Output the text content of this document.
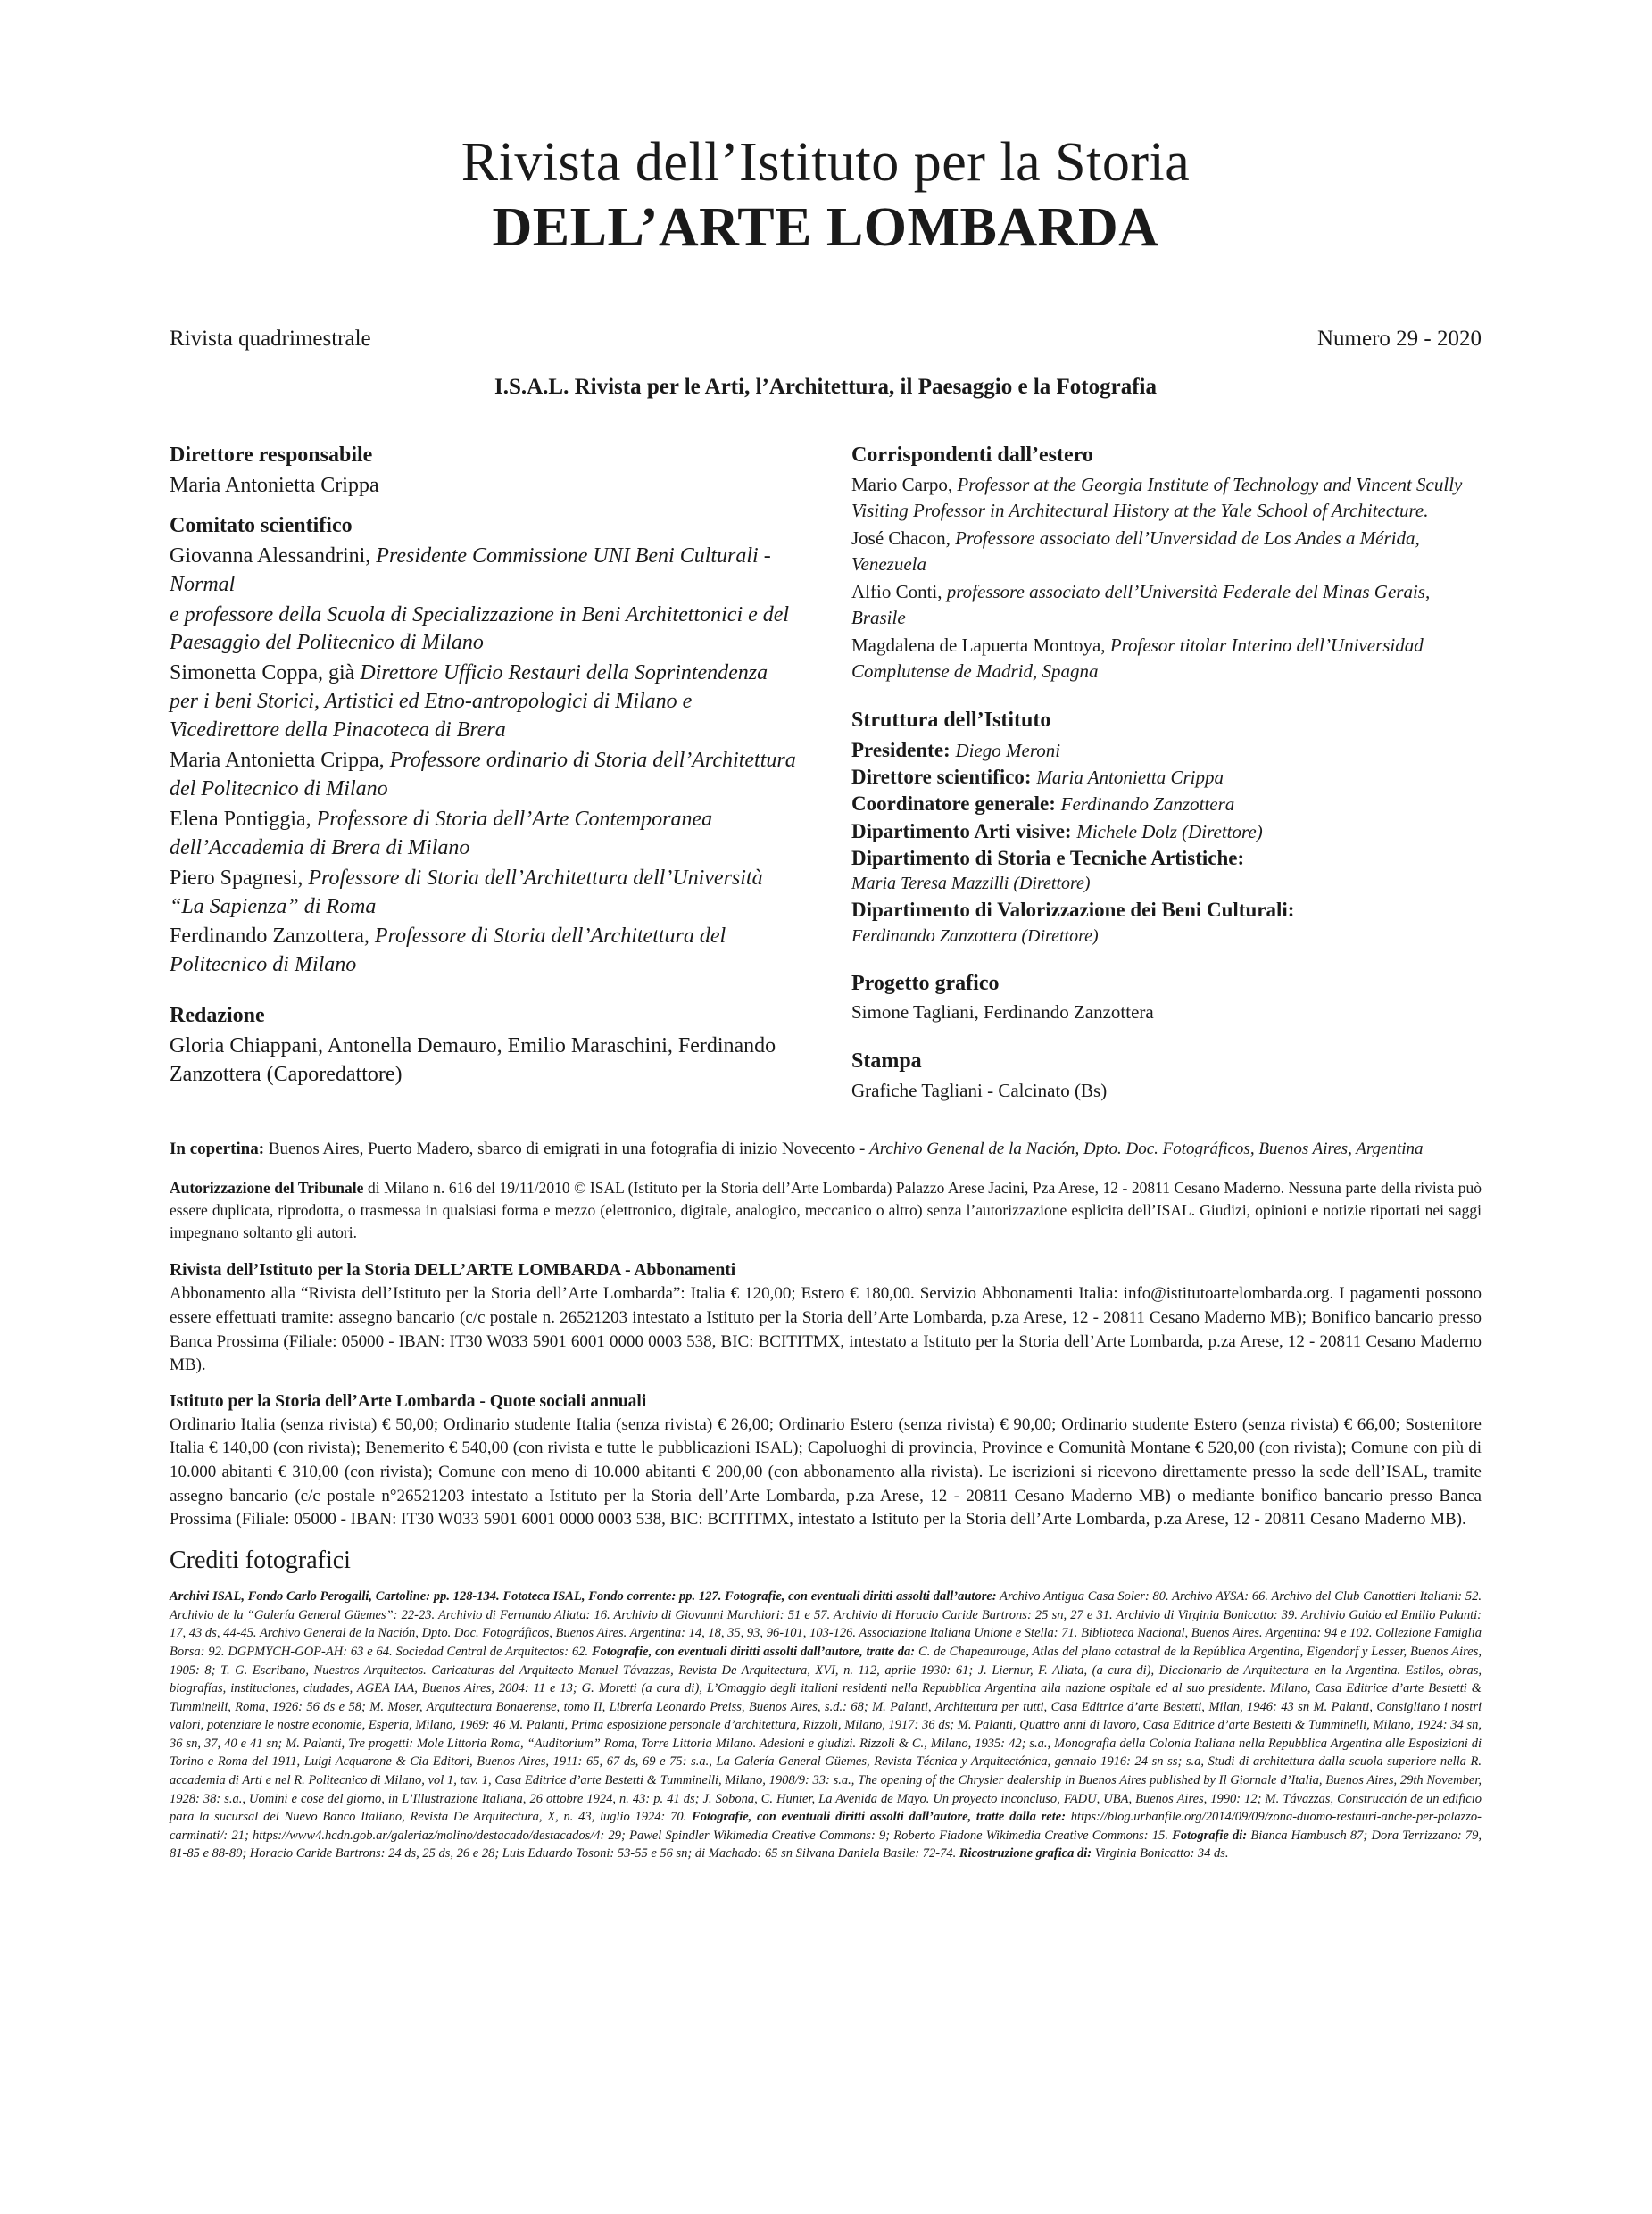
Rivista dell’Istituto per la Storia
DELL’ARTE LOMBARDA
Rivista quadrimestrale	Numero 29 - 2020
I.S.A.L. Rivista per le Arti, l’Architettura, il Paesaggio e la Fotografia
Direttore responsabile

Maria Antonietta Crippa

Comitato scientifico

Giovanna Alessandrini, Presidente Commissione UNI Beni Culturali - Normal

e professore della Scuola di Specializzazione in Beni Architettonici e del Paesaggio del Politecnico di Milano

Simonetta Coppa, già Direttore Ufficio Restauri della Soprintendenza per i beni Storici, Artistici ed Etno-antropologici di Milano e Vicedirettore della Pinacoteca di Brera

Maria Antonietta Crippa, Professore ordinario di Storia dell’Architettura del Politecnico di Milano

Elena Pontiggia, Professore di Storia dell’Arte Contemporanea dell’Accademia di Brera di Milano

Piero Spagnesi, Professore di Storia dell’Architettura dell’Università “La Sapienza” di Roma

Ferdinando Zanzottera, Professore di Storia dell’Architettura del Politecnico di Milano

Redazione

Gloria Chiappani, Antonella Demauro, Emilio Maraschini, Ferdinando Zanzottera (Caporedattore)

Corrispondenti dall’estero

Mario Carpo, Professor at the Georgia Institute of Technology and Vincent Scully Visiting Professor in Architectural History at the Yale School of Architecture.

José Chacon, Professore associato dell’Unversidad de Los Andes a Mérida, Venezuela

Alfio Conti, professore associato dell’Università Federale del Minas Gerais, Brasile

Magdalena de Lapuerta Montoya, Profesor titolar Interino dell’Universidad Complutense de Madrid, Spagna

Struttura dell’Istituto

Presidente: Diego Meroni

Direttore scientifico: Maria Antonietta Crippa

Coordinatore generale: Ferdinando Zanzottera

Dipartimento Arti visive: Michele Dolz (Direttore)

Dipartimento di Storia e Tecniche Artistiche:

Maria Teresa Mazzilli (Direttore)

Dipartimento di Valorizzazione dei Beni Culturali:

Ferdinando Zanzottera (Direttore)

Progetto grafico

Simone Tagliani, Ferdinando Zanzottera

Stampa

Grafiche Tagliani - Calcinato (Bs)

In copertina: Buenos Aires, Puerto Madero, sbarco di emigrati in una fotografia di inizio Novecento - Archivo Genenal de la Nación, Dpto. Doc. Fotográficos, Buenos Aires, Argentina

Autorizzazione del Tribunale di Milano n. 616 del 19/11/2010 © ISAL (Istituto per la Storia dell’Arte Lombarda) Palazzo Arese Jacini, Pza Arese, 12 - 20811 Cesano Maderno. Nessuna parte della rivista può essere duplicata, riprodotta, o trasmessa in qualsiasi forma e mezzo (elettronico, digitale, analogico, meccanico o altro) senza l’autorizzazione esplicita dell’ISAL. Giudizi, opinioni e notizie riportati nei saggi impegnano soltanto gli autori.

Rivista dell’Istituto per la Storia DELL’ARTE LOMBARDA - Abbonamenti

Abbonamento alla “Rivista dell’Istituto per la Storia dell’Arte Lombarda”: Italia € 120,00; Estero € 180,00. Servizio Abbonamenti Italia: info@istitutoartelombarda.org. I pagamenti possono essere effettuati tramite: assegno bancario (c/c postale n. 26521203 intestato a Istituto per la Storia dell’Arte Lombarda, p.za Arese, 12 - 20811 Cesano Maderno MB); Bonifico bancario presso Banca Prossima (Filiale: 05000 - IBAN: IT30 W033 5901 6001 0000 0003 538, BIC: BCITITMX, intestato a Istituto per la Storia dell’Arte Lombarda, p.za Arese, 12 - 20811 Cesano Maderno MB).

Istituto per la Storia dell’Arte Lombarda - Quote sociali annuali

Ordinario Italia (senza rivista) € 50,00; Ordinario studente Italia (senza rivista) € 26,00; Ordinario Estero (senza rivista) € 90,00; Ordinario studente Estero (senza rivista) € 66,00; Sostenitore Italia € 140,00 (con rivista); Benemerito € 540,00 (con rivista e tutte le pubblicazioni ISAL); Capoluoghi di provincia, Province e Comunità Montane € 520,00 (con rivista); Comune con più di 10.000 abitanti € 310,00 (con rivista); Comune con meno di 10.000 abitanti € 200,00 (con abbonamento alla rivista). Le iscrizioni si ricevono direttamente presso la sede dell’ISAL, tramite assegno bancario (c/c postale n°26521203 intestato a Istituto per la Storia dell’Arte Lombarda, p.za Arese, 12 - 20811 Cesano Maderno MB) o mediante bonifico bancario presso Banca Prossima (Filiale: 05000 - IBAN: IT30 W033 5901 6001 0000 0003 538, BIC: BCITITMX, intestato a Istituto per la Storia dell’Arte Lombarda, p.za Arese, 12 - 20811 Cesano Maderno MB).

Crediti fotografici

Archivi ISAL, Fondo Carlo Perogalli, Cartoline: pp. 128-134. Fototeca ISAL, Fondo corrente: pp. 127. Fotografie, con eventuali diritti assolti dall’autore: Archivo Antigua Casa Soler: 80. Archivo AYSA: 66. Archivo del Club Canottieri Italiani: 52. Archivio de la “Galería General Güemes”: 22-23. Archivio di Fernando Aliata: 16. Archivio di Giovanni Marchiori: 51 e 57. Archivio di Horacio Caride Bartrons: 25 sn, 27 e 31. Archivio di Virginia Bonicatto: 39. Archivio Guido ed Emilio Palanti: 17, 43 ds, 44-45. Archivo General de la Nación, Dpto. Doc. Fotográficos, Buenos Aires. Argentina: 14, 18, 35, 93, 96-101, 103-126. Associazione Italiana Unione e Stella: 71. Biblioteca Nacional, Buenos Aires. Argentina: 94 e 102. Collezione Famiglia Borsa: 92. DGPMYCH-GOP-AH: 63 e 64. Sociedad Central de Arquitectos: 62. Fotografie, con eventuali diritti assolti dall’autore, tratte da: C. de Chapeaurouge, Atlas del plano catastral de la República Argentina, Eigendorf y Lesser, Buenos Aires, 1905: 8; T. G. Escribano, Nuestros Arquitectos. Caricaturas del Arquitecto Manuel Távazzas, Revista De Arquitectura, XVI, n. 112, aprile 1930: 61; J. Liernur, F. Aliata, (a cura di), Diccionario de Arquitectura en la Argentina. Estilos, obras, biografías, instituciones, ciudades, AGEA IAA, Buenos Aires, 2004: 11 e 13; G. Moretti (a cura di), L’Omaggio degli italiani residenti nella Repubblica Argentina alla nazione ospitale ed al suo presidente. Milano, Casa Editrice d’arte Bestetti & Tumminelli, Roma, 1926: 56 ds e 58; M. Moser, Arquitectura Bonaerense, tomo II, Librería Leonardo Preiss, Buenos Aires, s.d.: 68; M. Palanti, Architettura per tutti, Casa Editrice d’arte Bestetti, Milan, 1946: 43 sn M. Palanti, Consigliano i nostri valori, potenziare le nostre economie, Esperia, Milano, 1969: 46 M. Palanti, Prima esposizione personale d’architettura, Rizzoli, Milano, 1917: 36 ds; M. Palanti, Quattro anni di lavoro, Casa Editrice d’arte Bestetti & Tumminelli, Milano, 1924: 34 sn, 36 sn, 37, 40 e 41 sn; M. Palanti, Tre progetti: Mole Littoria Roma, “Auditorium” Roma, Torre Littoria Milano. Adesioni e giudizi. Rizzoli & C., Milano, 1935: 42; s.a., Monografia della Colonia Italiana nella Repubblica Argentina alle Esposizioni di Torino e Roma del 1911, Luigi Acquarone & Cia Editori, Buenos Aires, 1911: 65, 67 ds, 69 e 75: s.a., La Galería General Güemes, Revista Técnica y Arquitectónica, gennaio 1916: 24 sn ss; s.a, Studi di architettura dalla scuola superiore nella R. accademia di Arti e nel R. Politecnico di Milano, vol 1, tav. 1, Casa Editrice d’arte Bestetti & Tumminelli, Milano, 1908/9: 33: s.a., The opening of the Chrysler dealership in Buenos Aires published by Il Giornale d’Italia, Buenos Aires, 29th November, 1928: 38: s.a., Uomini e cose del giorno, in L’Illustrazione Italiana, 26 ottobre 1924, n. 43: p. 41 ds; J. Sobona, C. Hunter, La Avenida de Mayo. Un proyecto inconcluso, FADU, UBA, Buenos Aires, 1990: 12; M. Távazzas, Construcción de un edificio para la sucursal del Nuevo Banco Italiano, Revista De Arquitectura, X, n. 43, luglio 1924: 70. Fotografie, con eventuali diritti assolti dall’autore, tratte dalla rete: https://blog.urbanfile.org/2014/09/09/zona-duomo-restauri-anche-per-palazzo-carminati/: 21; https://www4.hcdn.gob.ar/galeriaz/molino/destacado/destacados/4: 29; Pawel Spindler Wikimedia Creative Commons: 9; Roberto Fiadone Wikimedia Creative Commons: 15. Fotografie di: Bianca Hambusch 87; Dora Terrizzano: 79, 81-85 e 88-89; Horacio Caride Bartrons: 24 ds, 25 ds, 26 e 28; Luis Eduardo Tosoni: 53-55 e 56 sn; di Machado: 65 sn Silvana Daniela Basile: 72-74. Ricostruzione grafica di: Virginia Bonicatto: 34 ds.
